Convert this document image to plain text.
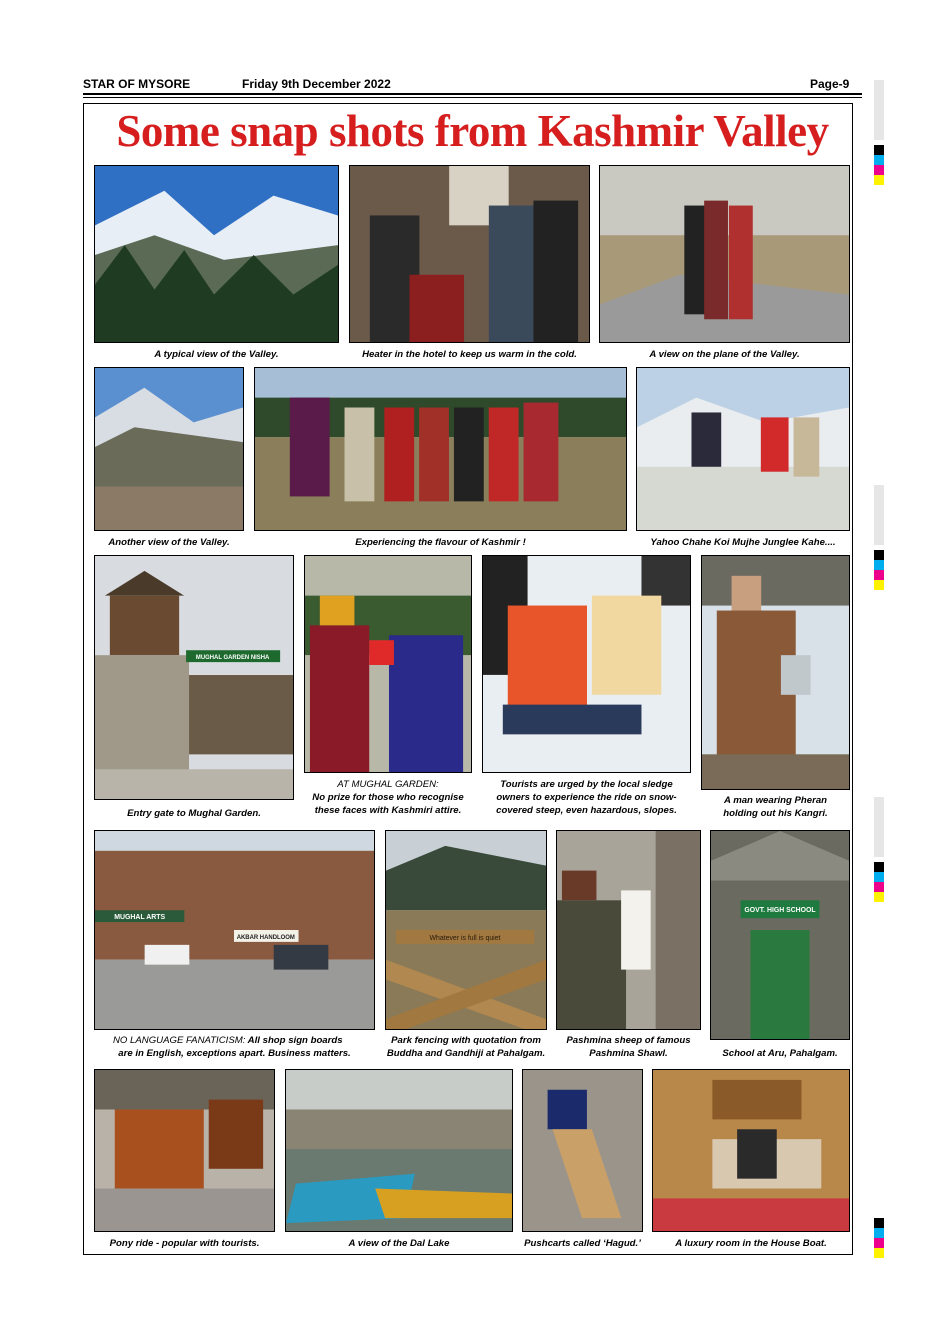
STAR OF MYSORE	Friday 9th December 2022	Page-9
Some snap shots from Kashmir Valley
A typical view of the Valley.	Heater in the hotel to keep us warm in the cold.	A view on the plane of the Valley.
Another view of the Valley.	Experiencing the flavour of Kashmir !	Yahoo Chahe Koi Mujhe Junglee Kahe....
MUGHAL GARDEN NISHA
Entry gate to Mughal Garden.
AT MUGHAL GARDEN:
No prize for those who recognise
these faces with Kashmiri attire.
Tourists are urged by the local sledge
owners to experience the ride on snow-
covered steep, even hazardous, slopes.
A man wearing Pheran
holding out his Kangri.
MUGHAL ARTS
AKBAR HANDLOOM	Whatever is full is quiet
GOVT. HIGH SCHOOL
NO LANGUAGE FANATICISM: All shop sign boards
are in English, exceptions apart. Business matters.
Park fencing with quotation from
Buddha and Gandhiji at Pahalgam.
Pashmina sheep of famous
Pashmina Shawl.	School at Aru, Pahalgam.
Pony ride - popular with tourists.	A view of the Dal Lake	Pushcarts called ‘Hagud.’	A luxury room in the House Boat.
